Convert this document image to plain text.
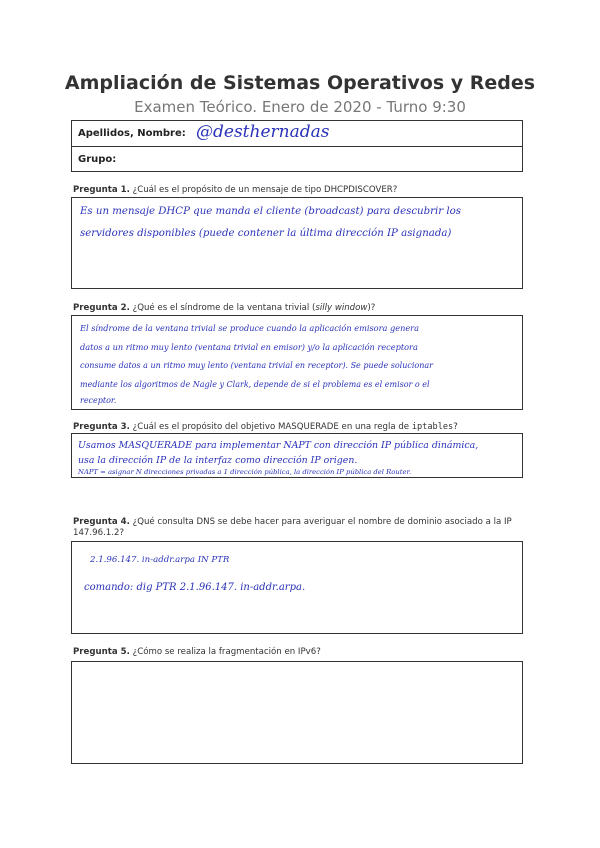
Ampliación de Sistemas Operativos y Redes
Examen Teórico. Enero de 2020 - Turno 9:30
Apellidos, Nombre: @desthernadas
Grupo:
Pregunta 1. ¿Cuál es el propósito de un mensaje de tipo DHCPDISCOVER?
Es un mensaje DHCP que manda el cliente (broadcast) para descubrir los
servidores disponibles (puede contener la última dirección IP asignada)
Pregunta 2. ¿Qué es el síndrome de la ventana trivial (silly window)?
El síndrome de la ventana trivial se produce cuando la aplicación emisora genera
datos a un ritmo muy lento (ventana trivial en emisor) y/o la aplicación receptora
consume datos a un ritmo muy lento (ventana trivial en receptor). Se puede solucionar
mediante los algoritmos de Nagle y Clark, depende de si el problema es el emisor o el
receptor.
Pregunta 3. ¿Cuál es el propósito del objetivo MASQUERADE en una regla de iptables?
Usamos MASQUERADE para implementar NAPT con dirección IP pública dinámica,
usa la dirección IP de la interfaz como dirección IP origen.
NAPT = asignar N direcciones privadas a 1 dirección pública, la dirección IP pública del Router.
Pregunta 4. ¿Qué consulta DNS se debe hacer para averiguar el nombre de dominio asociado a la IP 147.96.1.2?
2.1.96.147. in-addr.arpa IN PTR
comando: dig PTR 2.1.96.147. in-addr.arpa.
Pregunta 5. ¿Cómo se realiza la fragmentación en IPv6?
